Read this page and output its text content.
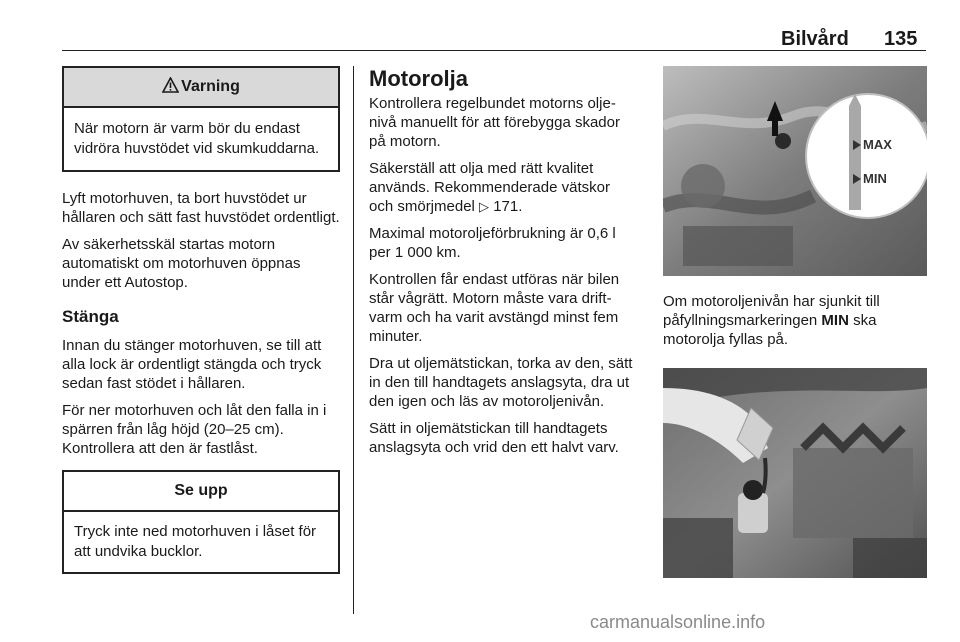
Bilvård 135
Varning
När motorn är varm bör du endast vidröra huvstödet vid skumkuddarna.

Lyft motorhuven, ta bort huvstödet ur hållaren och sätt fast huvstödet ordentligt.

Av säkerhetsskäl startas motorn automatiskt om motorhuven öppnas under ett Autostop.

Stänga

Innan du stänger motorhuven, se till att alla lock är ordentligt stängda och tryck sedan fast stödet i hållaren.

För ner motorhuven och låt den falla in i spärren från låg höjd (20–25 cm). Kontrollera att den är fastlåst.

Se upp
Tryck inte ned motorhuven i låset för att undvika bucklor.
Motorolja

Kontrollera regelbundet motorns oljenivå manuellt för att förebygga skador på motorn.

Säkerställ att olja med rätt kvalitet används. Rekommenderade vätskor och smörjmedel ▷ 171.

Maximal motoroljeförbrukning är 0,6 l per 1 000 km.

Kontrollen får endast utföras när bilen står vågrätt. Motorn måste vara driftvarm och ha varit avstängd minst fem minuter.

Dra ut oljemätstickan, torka av den, sätt in den till handtagets anslagsyta, dra ut den igen och läs av motoroljenivån.

Sätt in oljemätstickan till handtagets anslagsyta och vrid den ett halvt varv.

MAX
MIN

Om motoroljenivån har sjunkit till påfyllningsmarkeringen MIN ska motorolja fyllas på.

carmanualsonline.info
